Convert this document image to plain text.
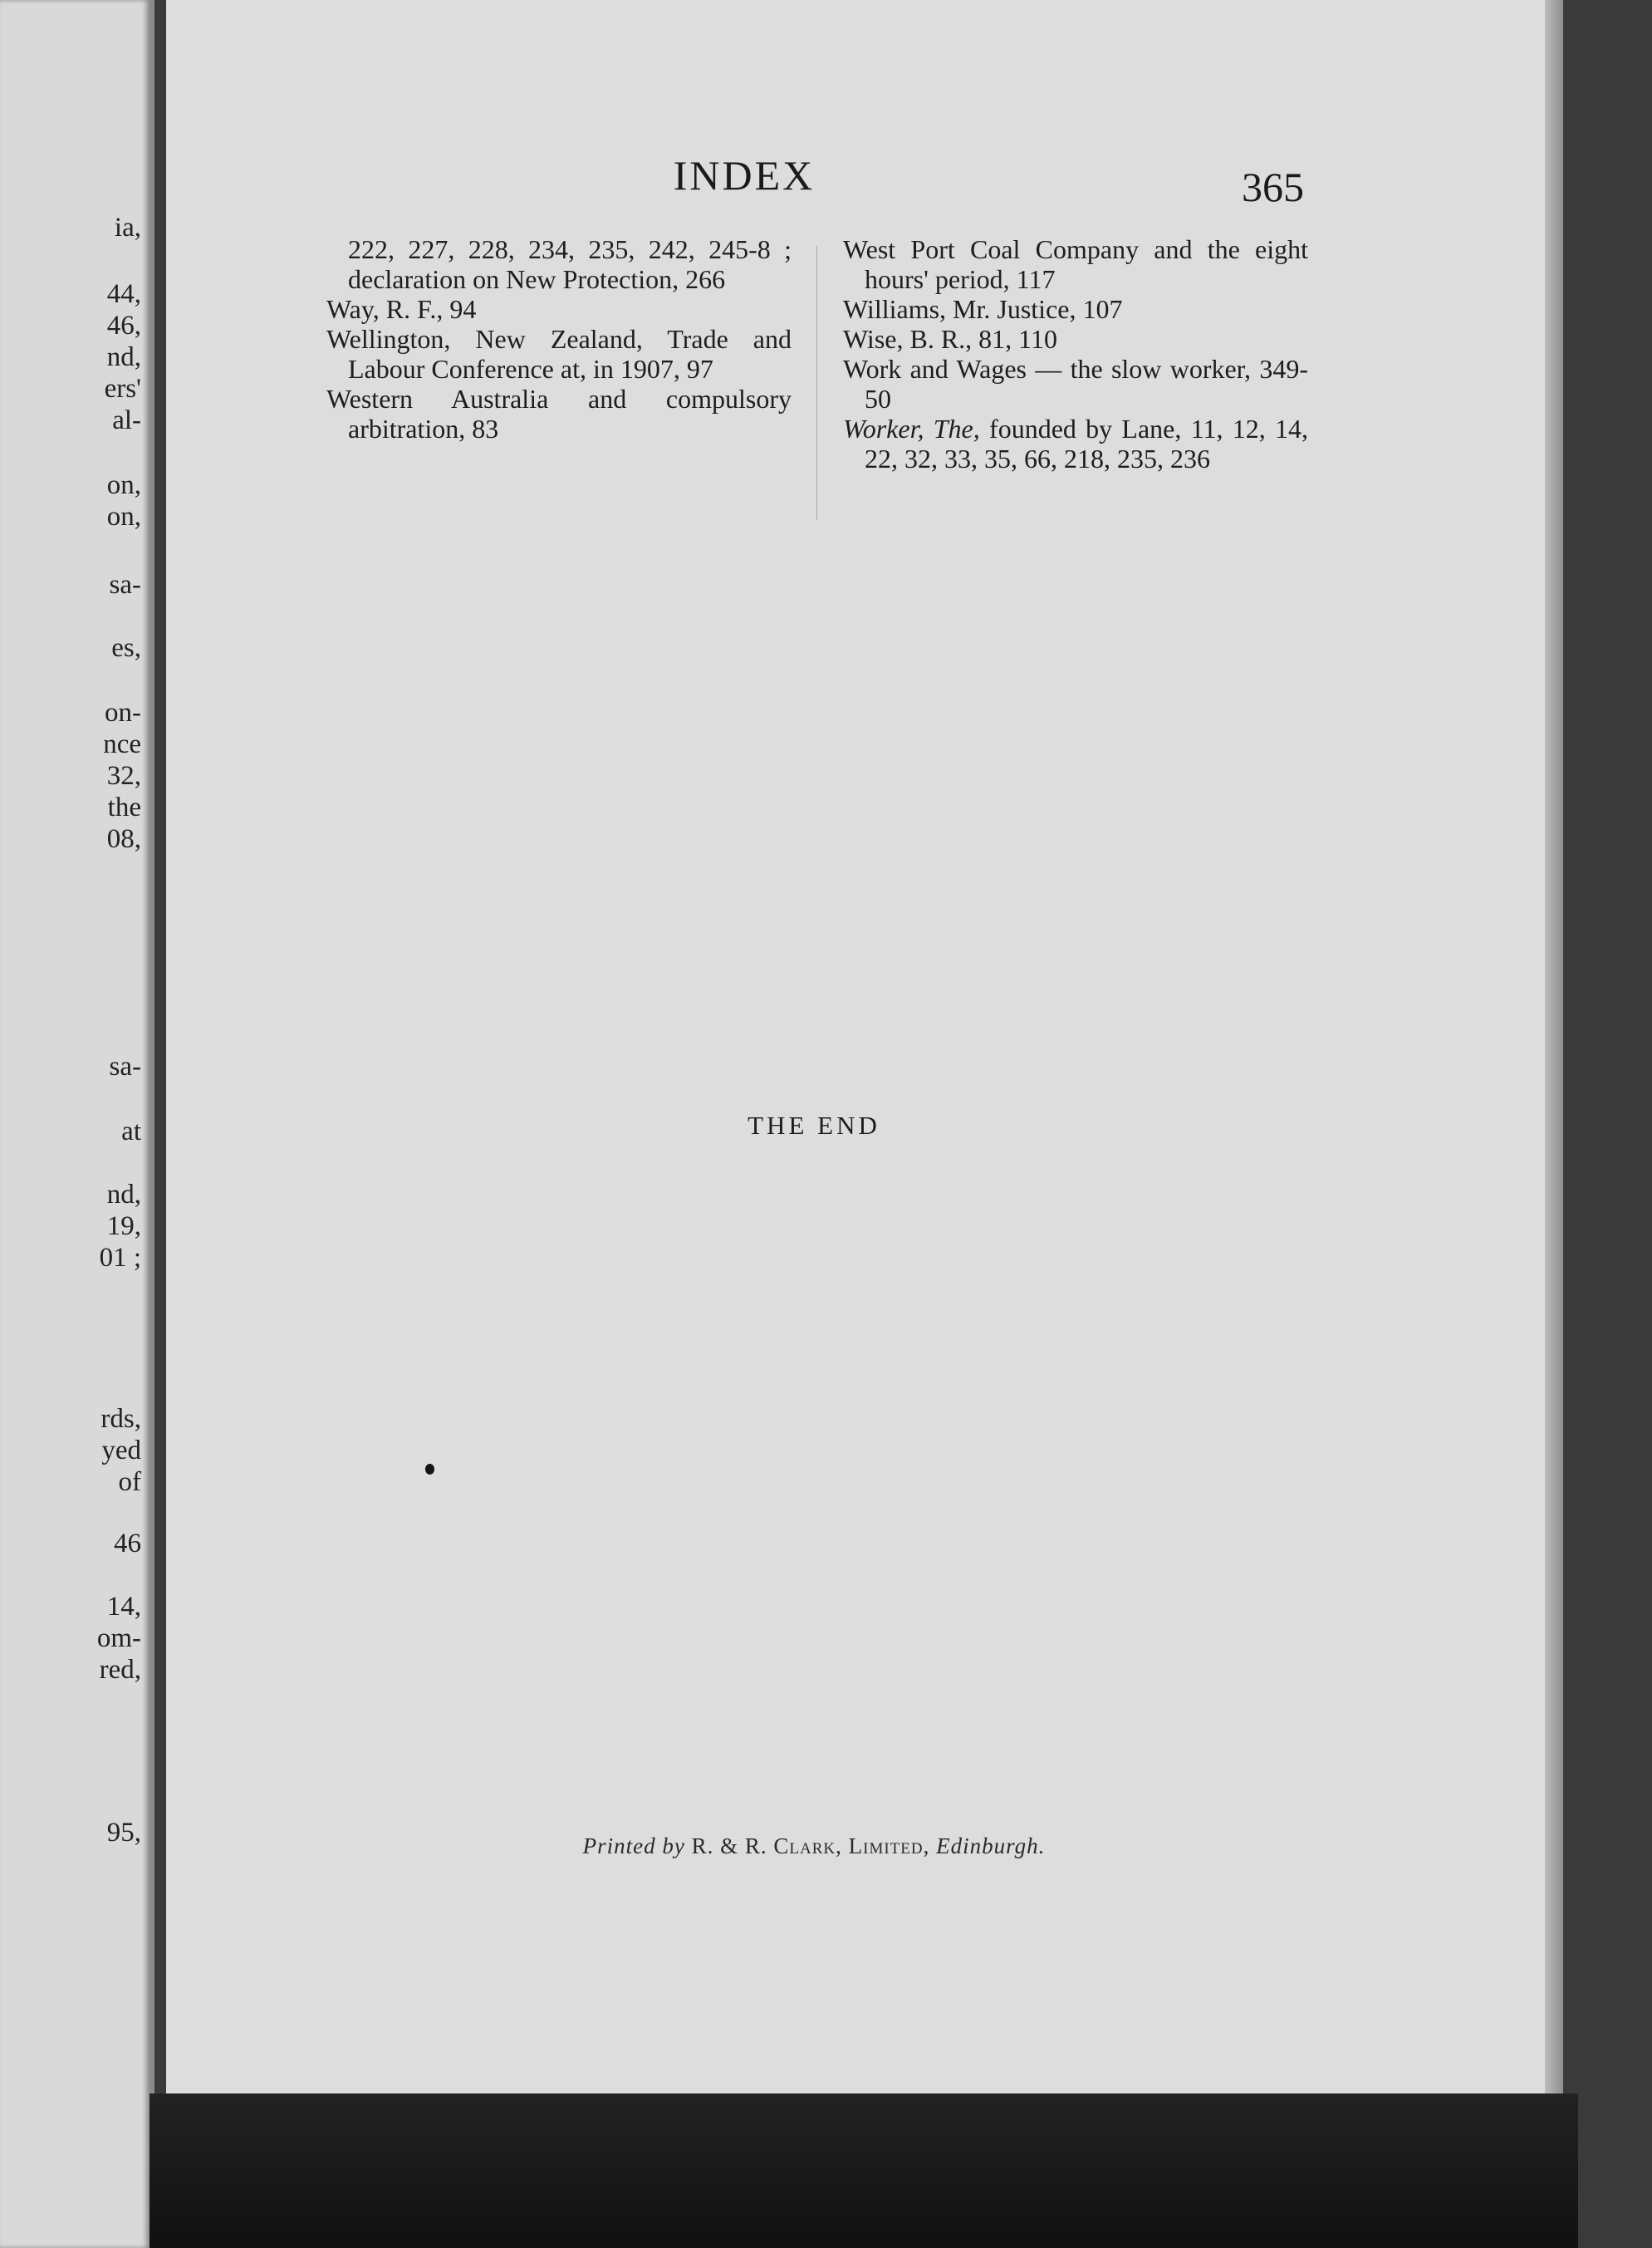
ia,
44,
46,
nd,
ers'
al-
on,
on,
sa-
es,
on-
nce
32,
the
08,
sa-
at
nd,
19,
01 ;
rds,
yed
of
46
14,
om-
red,
95,
INDEX	365

222, 227, 228, 234, 235, 242, 245-8 ; declaration on New Protection, 266

Way, R. F., 94

Wellington, New Zealand, Trade and Labour Conference at, in 1907, 97

Western Australia and compulsory arbitration, 83

West Port Coal Company and the eight hours' period, 117

Williams, Mr. Justice, 107

Wise, B. R., 81, 110

Work and Wages — the slow worker, 349-50

Worker, The, founded by Lane, 11, 12, 14, 22, 32, 33, 35, 66, 218, 235, 236

THE END
Printed by R. & R. Clark, Limited, Edinburgh.
